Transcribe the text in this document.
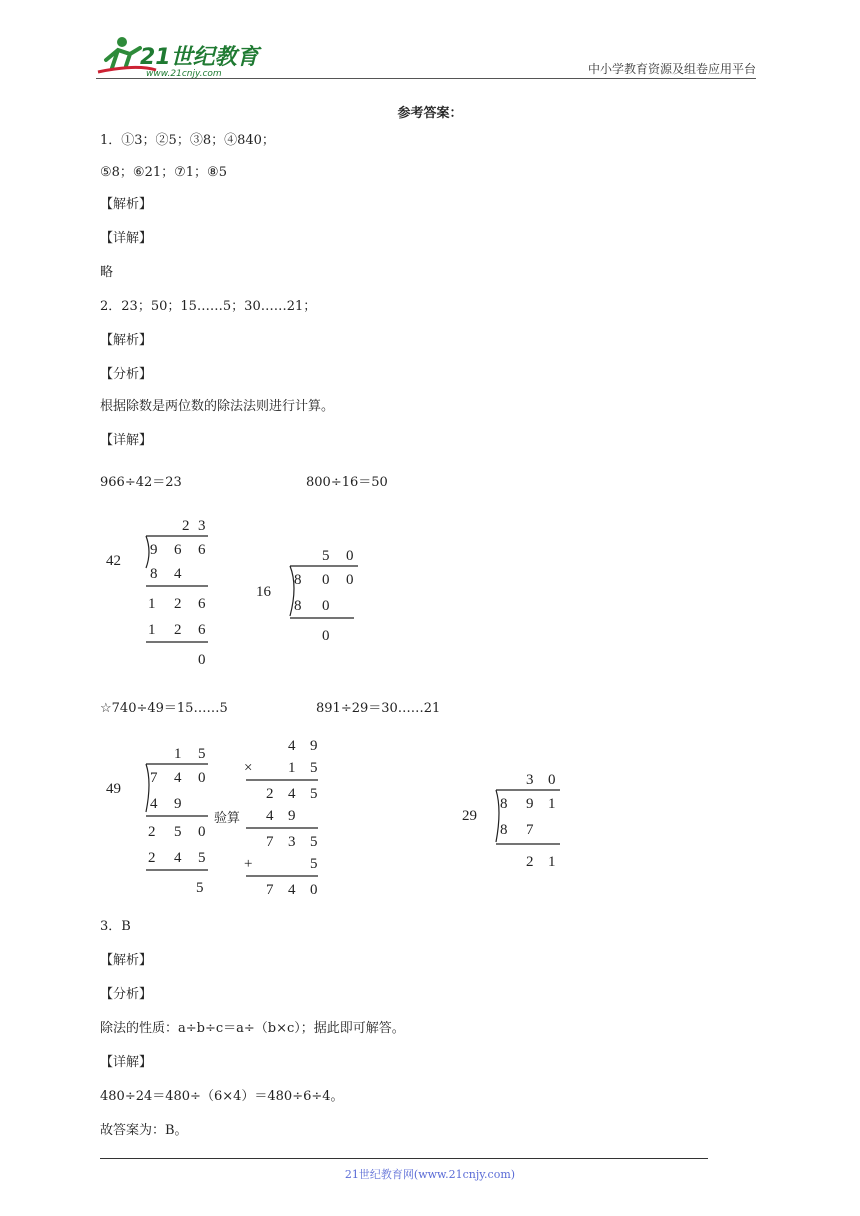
21世纪教育
www.21cnjy.com	中小学教育资源及组卷应用平台
参考答案：
1．①3；②5；③8；④840；
⑤8；⑥21；⑦1；⑧5
【解析】
【详解】
略
2．23；50；15……5；30……21；
【解析】
【分析】
根据除数是两位数的除法法则进行计算。
【详解】
966÷42＝23	800÷16＝50
2 3
42
9 6 6
8 4
1 2 6
1 2 6
0
5 0
16
8 0 0
8 0
0
☆740÷49＝15……5	891÷29＝30……21
1 5
49
7 4 0
4 9
2 5 0
2 4 5
5
验算
4 9
× 1 5
2 4 5
4 9
7 3 5
+	5
7 4 0
3 0
29
8 9 1
8 7
2 1
3．B
【解析】
【分析】
除法的性质：a÷b÷c＝a÷（b×c）；据此即可解答。
【详解】
480÷24＝480÷（6×4）＝480÷6÷4。
故答案为：B。
21世纪教育网(www.21cnjy.com)
